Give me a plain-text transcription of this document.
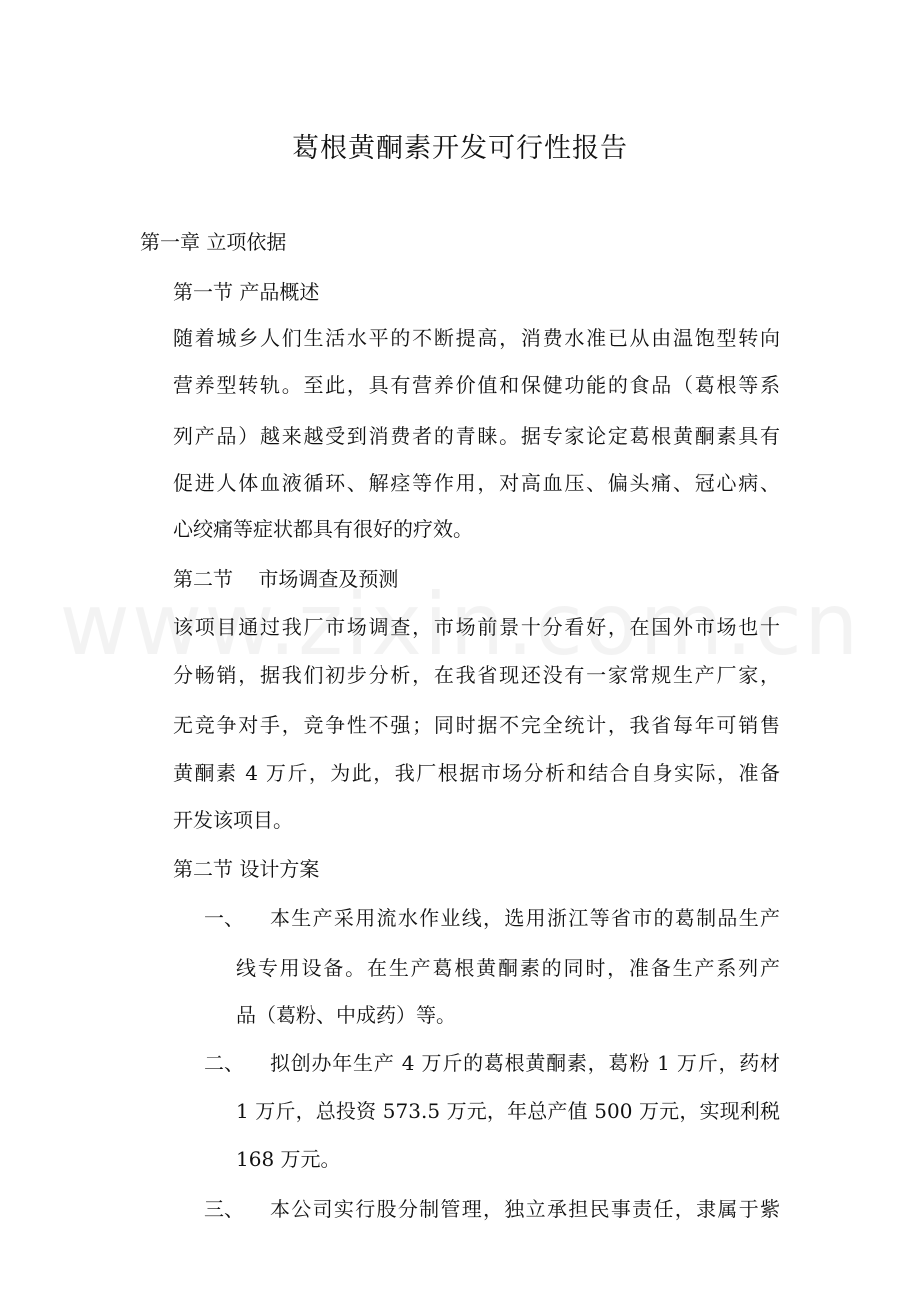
葛根黄酮素开发可行性报告

第一章 立项依据

第一节 产品概述

随着城乡人们生活水平的不断提高，消费水准已从由温饱型转向

营养型转轨。至此，具有营养价值和保健功能的食品（葛根等系

列产品）越来越受到消费者的青睐。据专家论定葛根黄酮素具有

促进人体血液循环、解痉等作用，对高血压、偏头痛、冠心病、

心绞痛等症状都具有很好的疗效。

第二节    市场调查及预测

该项目通过我厂市场调查，市场前景十分看好，在国外市场也十

分畅销，据我们初步分析，在我省现还没有一家常规生产厂家，

无竞争对手，竞争性不强；同时据不完全统计，我省每年可销售

黄酮素 4 万斤，为此，我厂根据市场分析和结合自身实际，准备

开发该项目。

第二节 设计方案

一、 本生产采用流水作业线，选用浙江等省市的葛制品生产

线专用设备。在生产葛根黄酮素的同时，准备生产系列产

品（葛粉、中成药）等。

二、 拟创办年生产 4 万斤的葛根黄酮素，葛粉 1 万斤，药材

1 万斤，总投资 573.5 万元，年总产值 500 万元，实现利税

168 万元。

三、 本公司实行股分制管理，独立承担民事责任，隶属于紫
